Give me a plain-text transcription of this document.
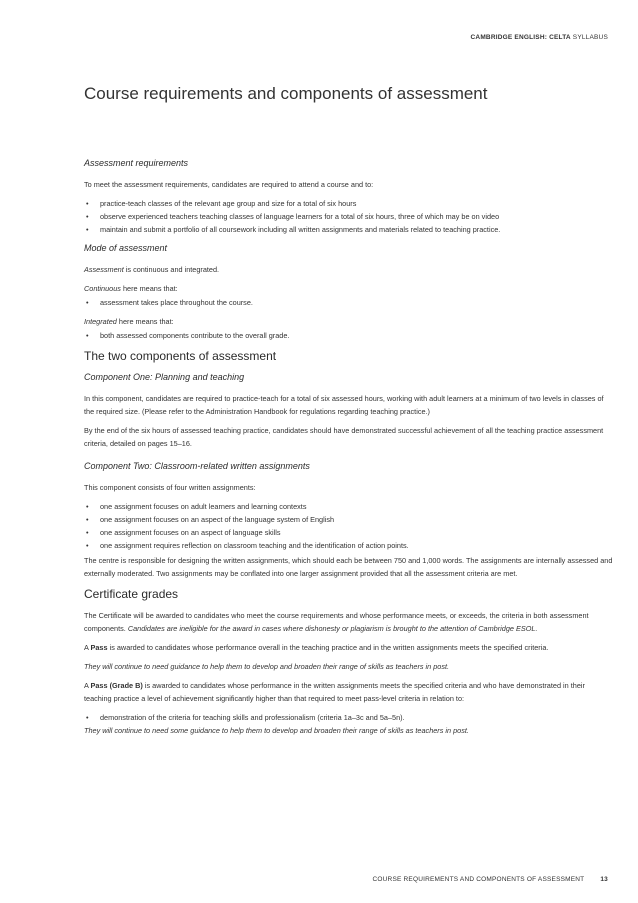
CAMBRIDGE ENGLISH: CELTA SYLLABUS
Course requirements and components of assessment
Assessment requirements

To meet the assessment requirements, candidates are required to attend a course and to:

• practice-teach classes of the relevant age group and size for a total of six hours
• observe experienced teachers teaching classes of language learners for a total of six hours, three of which may be on video
• maintain and submit a portfolio of all coursework including all written assignments and materials related to teaching practice.
Mode of assessment

Assessment is continuous and integrated.

Continuous here means that:

• assessment takes place throughout the course.

Integrated here means that:

• both assessed components contribute to the overall grade.
The two components of assessment
Component One: Planning and teaching

In this component, candidates are required to practice-teach for a total of six assessed hours, working with adult learners at a minimum of two levels in classes of the required size. (Please refer to the Administration Handbook for regulations regarding teaching practice.)

By the end of the six hours of assessed teaching practice, candidates should have demonstrated successful achievement of all the teaching practice assessment criteria, detailed on pages 15–16.

Component Two: Classroom-related written assignments

This component consists of four written assignments:

• one assignment focuses on adult learners and learning contexts
• one assignment focuses on an aspect of the language system of English
• one assignment focuses on an aspect of language skills
• one assignment requires reflection on classroom teaching and the identification of action points.

The centre is responsible for designing the written assignments, which should each be between 750 and 1,000 words. The assignments are internally assessed and externally moderated. Two assignments may be conflated into one larger assignment provided that all the assessment criteria are met.

Certificate grades

The Certificate will be awarded to candidates who meet the course requirements and whose performance meets, or exceeds, the criteria in both assessment components. Candidates are ineligible for the award in cases where dishonesty or plagiarism is brought to the attention of Cambridge ESOL.

A Pass is awarded to candidates whose performance overall in the teaching practice and in the written assignments meets the specified criteria.

They will continue to need guidance to help them to develop and broaden their range of skills as teachers in post.

A Pass (Grade B) is awarded to candidates whose performance in the written assignments meets the specified criteria and who have demonstrated in their teaching practice a level of achievement significantly higher than that required to meet pass-level criteria in relation to:

• demonstration of the criteria for teaching skills and professionalism (criteria 1a–3c and 5a–5n).

They will continue to need some guidance to help them to develop and broaden their range of skills as teachers in post.

COURSE REQUIREMENTS AND COMPONENTS OF ASSESSMENT 13
